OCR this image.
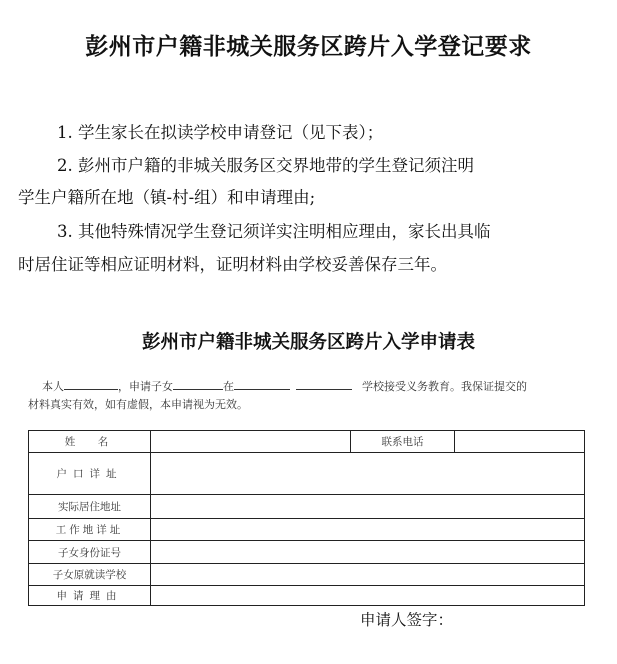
彭州市户籍非城关服务区跨片入学登记要求
1. 学生家长在拟读学校申请登记（见下表）；
2. 彭州市户籍的非城关服务区交界地带的学生登记须注明
学生户籍所在地（镇-村-组）和申请理由;
3. 其他特殊情况学生登记须详实注明相应理由，家长出具临
时居住证等相应证明材料，证明材料由学校妥善保存三年。
彭州市户籍非城关服务区跨片入学申请表
本人	，申请子女	在	学校接受义务教育。我保证提交的
材料真实有效，如有虚假，本申请视为无效。
姓　名		联系电话	
户口详址			
实际居住地址			
工作地详址			
子女身份证号			
子女原就读学校			
申请理由			
申请人签字：
